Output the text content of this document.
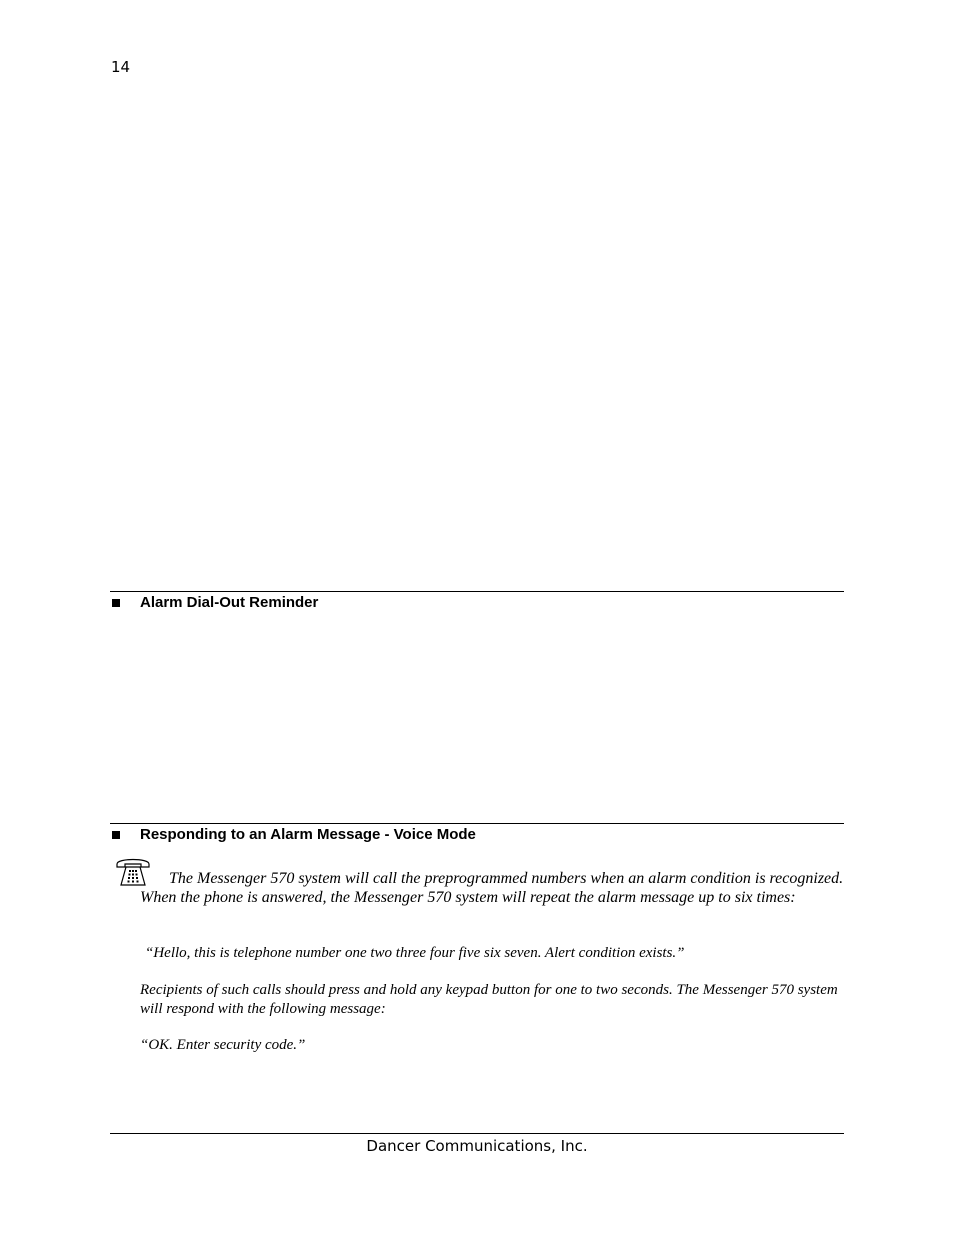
14
Alarm Dial-Out Reminder
Responding to an Alarm Message - Voice Mode

The Messenger 570 system will call the preprogrammed numbers when an alarm condition is recognized. When the phone is answered, the Messenger 570 system will repeat the alarm message up to six times:

“Hello, this is telephone number one two three four five six seven. Alert condition exists.”

Recipients of such calls should press and hold any keypad button for one to two seconds. The Messenger 570 system will respond with the following message:

“OK. Enter security code.”

Dancer Communications, Inc.
